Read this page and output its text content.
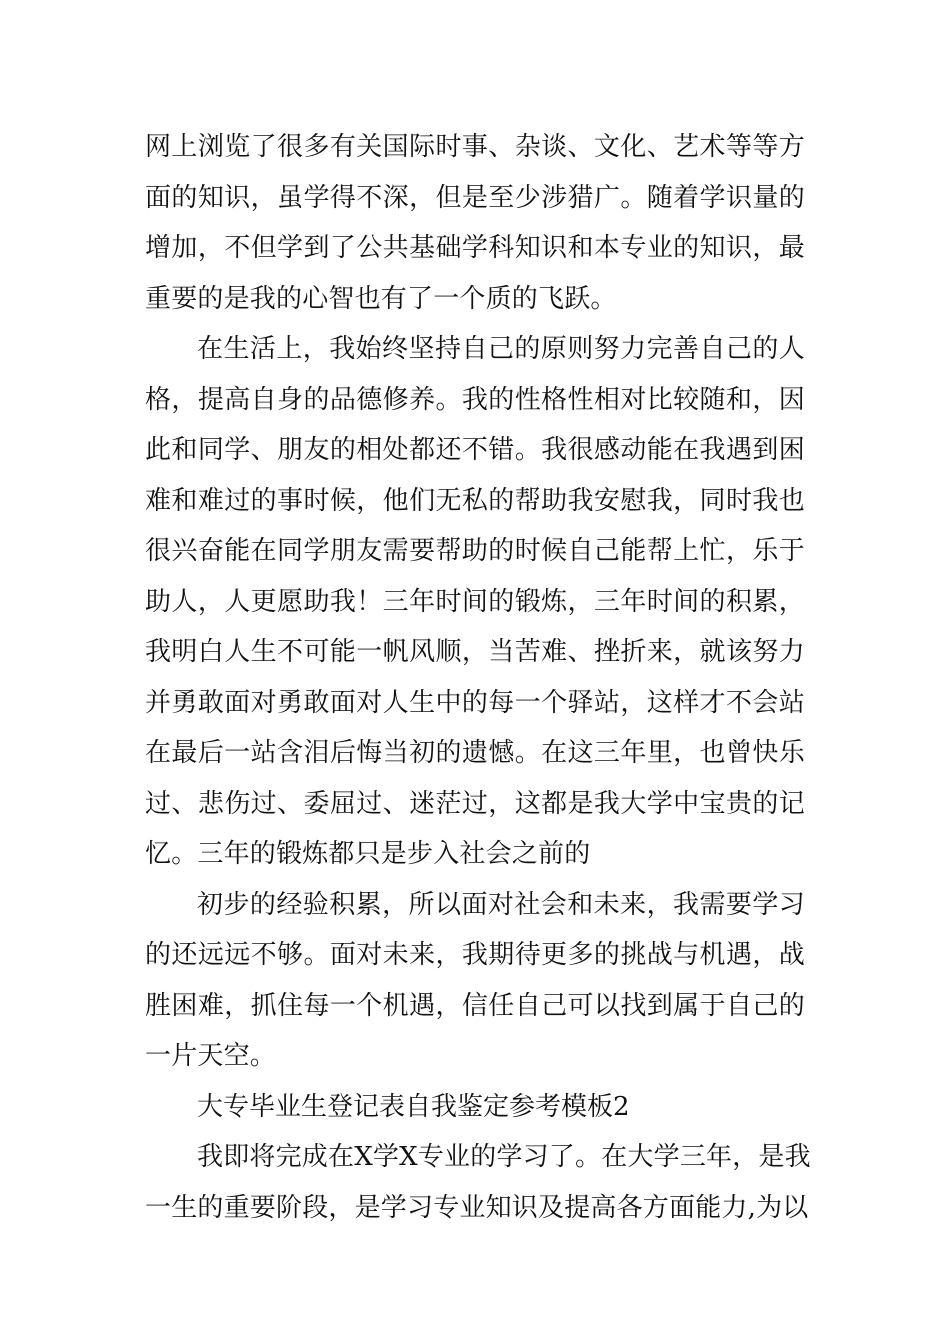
网上浏览了很多有关国际时事、杂谈、文化、艺术等等方
面的知识，虽学得不深，但是至少涉猎广。随着学识量的
增加，不但学到了公共基础学科知识和本专业的知识，最
重要的是我的心智也有了一个质的飞跃。

在生活上，我始终坚持自己的原则努力完善自己的人
格，提高自身的品德修养。我的性格性相对比较随和，因
此和同学、朋友的相处都还不错。我很感动能在我遇到困
难和难过的事时候，他们无私的帮助我安慰我，同时我也
很兴奋能在同学朋友需要帮助的时候自己能帮上忙，乐于
助人，人更愿助我！三年时间的锻炼，三年时间的积累，
我明白人生不可能一帆风顺，当苦难、挫折来，就该努力
并勇敢面对勇敢面对人生中的每一个驿站，这样才不会站
在最后一站含泪后悔当初的遗憾。在这三年里，也曾快乐
过、悲伤过、委屈过、迷茫过，这都是我大学中宝贵的记
忆。三年的锻炼都只是步入社会之前的

初步的经验积累，所以面对社会和未来，我需要学习
的还远远不够。面对未来，我期待更多的挑战与机遇，战
胜困难，抓住每一个机遇，信任自己可以找到属于自己的
一片天空。

大专毕业生登记表自我鉴定参考模板2

我即将完成在X学X专业的学习了。在大学三年，是我
一生的重要阶段，是学习专业知识及提高各方面能力,为以
